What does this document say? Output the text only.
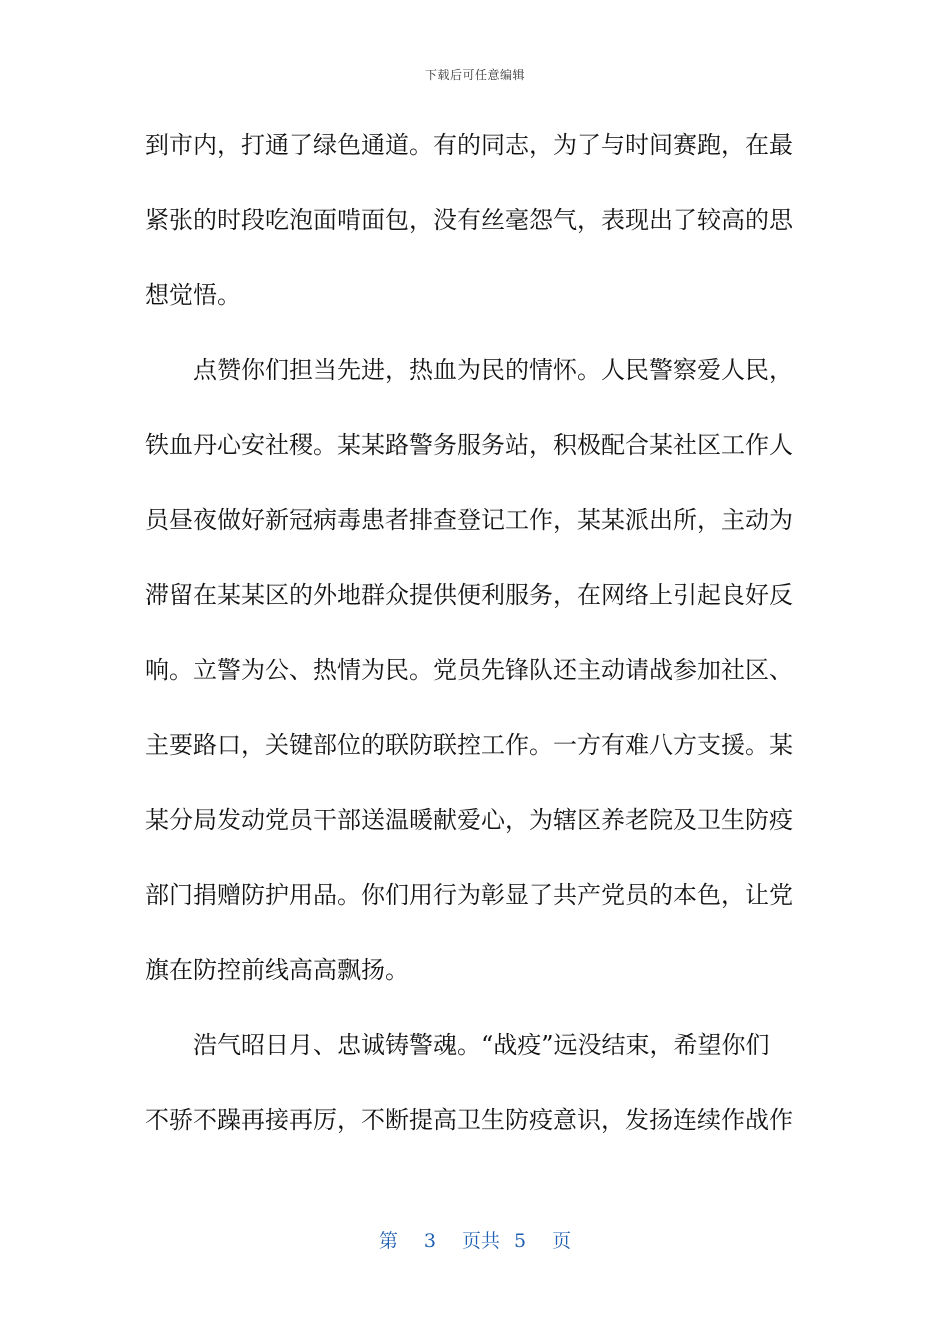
下载后可任意编辑
到市内，打通了绿色通道。有的同志，为了与时间赛跑，在最
紧张的时段吃泡面啃面包，没有丝毫怨气，表现出了较高的思
想觉悟。
　　点赞你们担当先进，热血为民的情怀。人民警察爱人民，
铁血丹心安社稷。某某路警务服务站，积极配合某社区工作人
员昼夜做好新冠病毒患者排查登记工作，某某派出所，主动为
滞留在某某区的外地群众提供便利服务，在网络上引起良好反
响。立警为公、热情为民。党员先锋队还主动请战参加社区、
主要路口，关键部位的联防联控工作。一方有难八方支援。某
某分局发动党员干部送温暖献爱心，为辖区养老院及卫生防疫
部门捐赠防护用品。你们用行为彰显了共产党员的本色，让党
旗在防控前线高高飘扬。
　　浩气昭日月、忠诚铸警魂。“战疫”远没结束，希望你们
不骄不躁再接再厉，不断提高卫生防疫意识，发扬连续作战作
第 3 页共 5 页
